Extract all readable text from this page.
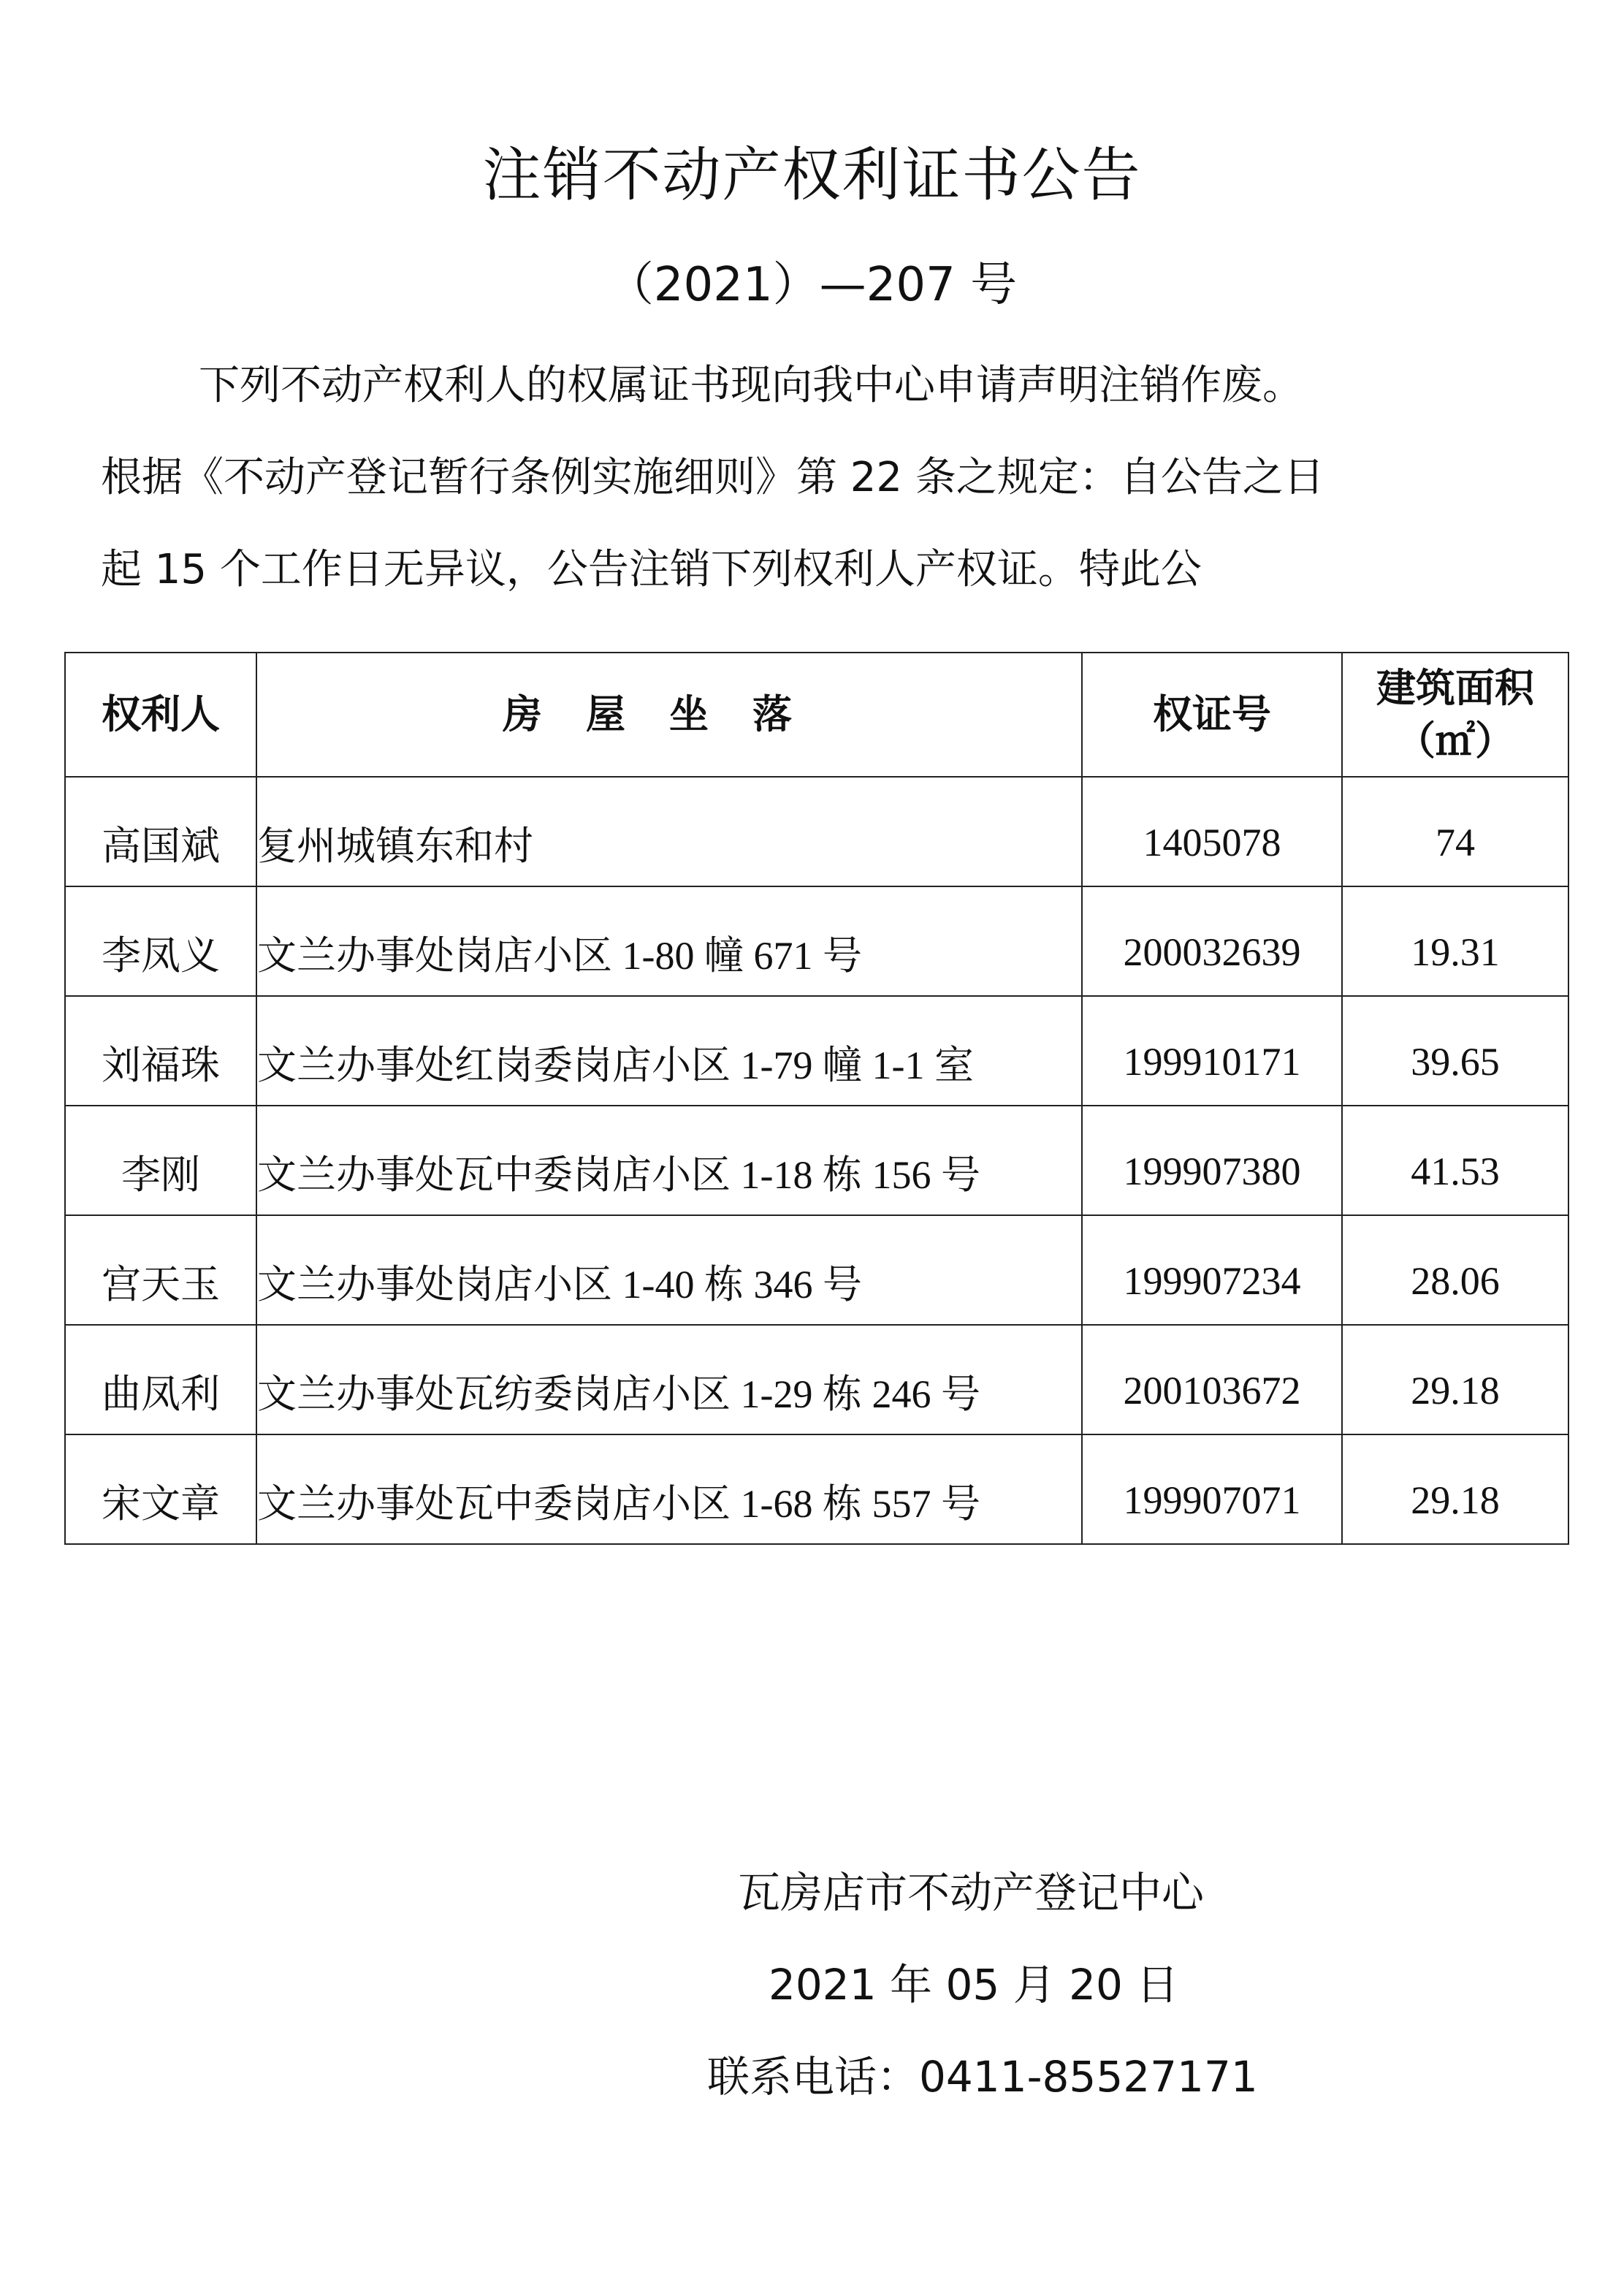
注销不动产权利证书公告
（2021）—207 号
下列不动产权利人的权属证书现向我中心申请声明注销作废。
根据《不动产登记暂行条例实施细则》第 22 条之规定：自公告之日
起 15 个工作日无异议，公告注销下列权利人产权证。特此公
权利人	房屋坐落	权证号	建筑面积
（㎡）

高国斌	复州城镇东和村	1405078	74
李凤义	文兰办事处岗店小区 1-80 幢 671 号	200032639	19.31
刘福珠	文兰办事处红岗委岗店小区 1-79 幢 1-1 室	199910171	39.65
李刚	文兰办事处瓦中委岗店小区 1-18 栋 156 号	199907380	41.53
宫天玉	文兰办事处岗店小区 1-40 栋 346 号	199907234	28.06
曲凤利	文兰办事处瓦纺委岗店小区 1-29 栋 246 号	200103672	29.18
宋文章	文兰办事处瓦中委岗店小区 1-68 栋 557 号	199907071	29.18
瓦房店市不动产登记中心
2021 年 05 月 20 日
联系电话：0411-85527171
